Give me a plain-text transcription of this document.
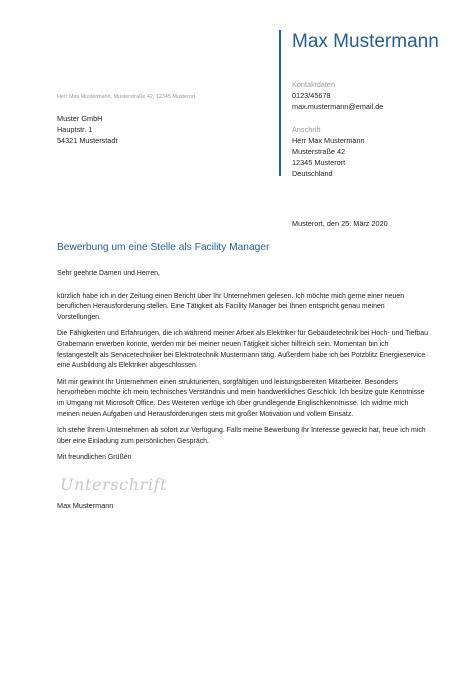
Max Mustermann
Kontaktdaten
0123/45678
max.mustermann@email.de
Anschrift
Herr Max Mustermann
Musterstraße 42
12345 Musterort
Deutschland
Herr Max Mustermann, Musterstraße 42, 12345 Musterort
Muster GmbH
Hauptstr. 1
54321 Musterstadt
Musterort, den 25. März 2020
Bewerbung um eine Stelle als Facility Manager

Sehr geehrte Damen und Herren,

kürzlich habe ich in der Zeitung einen Bericht über Ihr Unternehmen gelesen. Ich möchte mich gerne einer neuen beruflichen Herausforderung stellen. Eine Tätigkeit als Facility Manager bei Ihnen entspricht genau meinen Vorstellungen.

Die Fähigkeiten und Erfahrungen, die ich während meiner Arbeit als Elektriker für Gebäudetechnik bei Hoch- und Tiefbau Grabemann erwerben konnte, werden mir bei meiner neuen Tätigkeit sicher hilfreich sein. Momentan bin ich festangestellt als Servicetechniker bei Elektrotechnik Mustermann tätig. Außerdem habe ich bei Potzblitz Energieservice eine Ausbildung als Elektriker abgeschlossen.

Mit mir gewinnt Ihr Unternehmen einen strukturierten, sorgfältigen und leistungsbereiten Mitarbeiter. Besonders hervorheben möchte ich mein technisches Verständnis und mein handwerkliches Geschick. Ich besitze gute Kenntnisse im Umgang mit Microsoft Office. Des Weiteren verfüge ich über grundlegende Englischkenntnisse. Ich widme mich meinen neuen Aufgaben und Herausforderungen stets mit großer Motivation und vollem Einsatz.

Ich stehe Ihrem Unternehmen ab sofort zur Verfügung. Falls meine Bewerbung Ihr Interesse geweckt hat, freue ich mich über eine Einladung zum persönlichen Gespräch.

Mit freundlichen Grüßen

Unterschrift
Max Mustermann
